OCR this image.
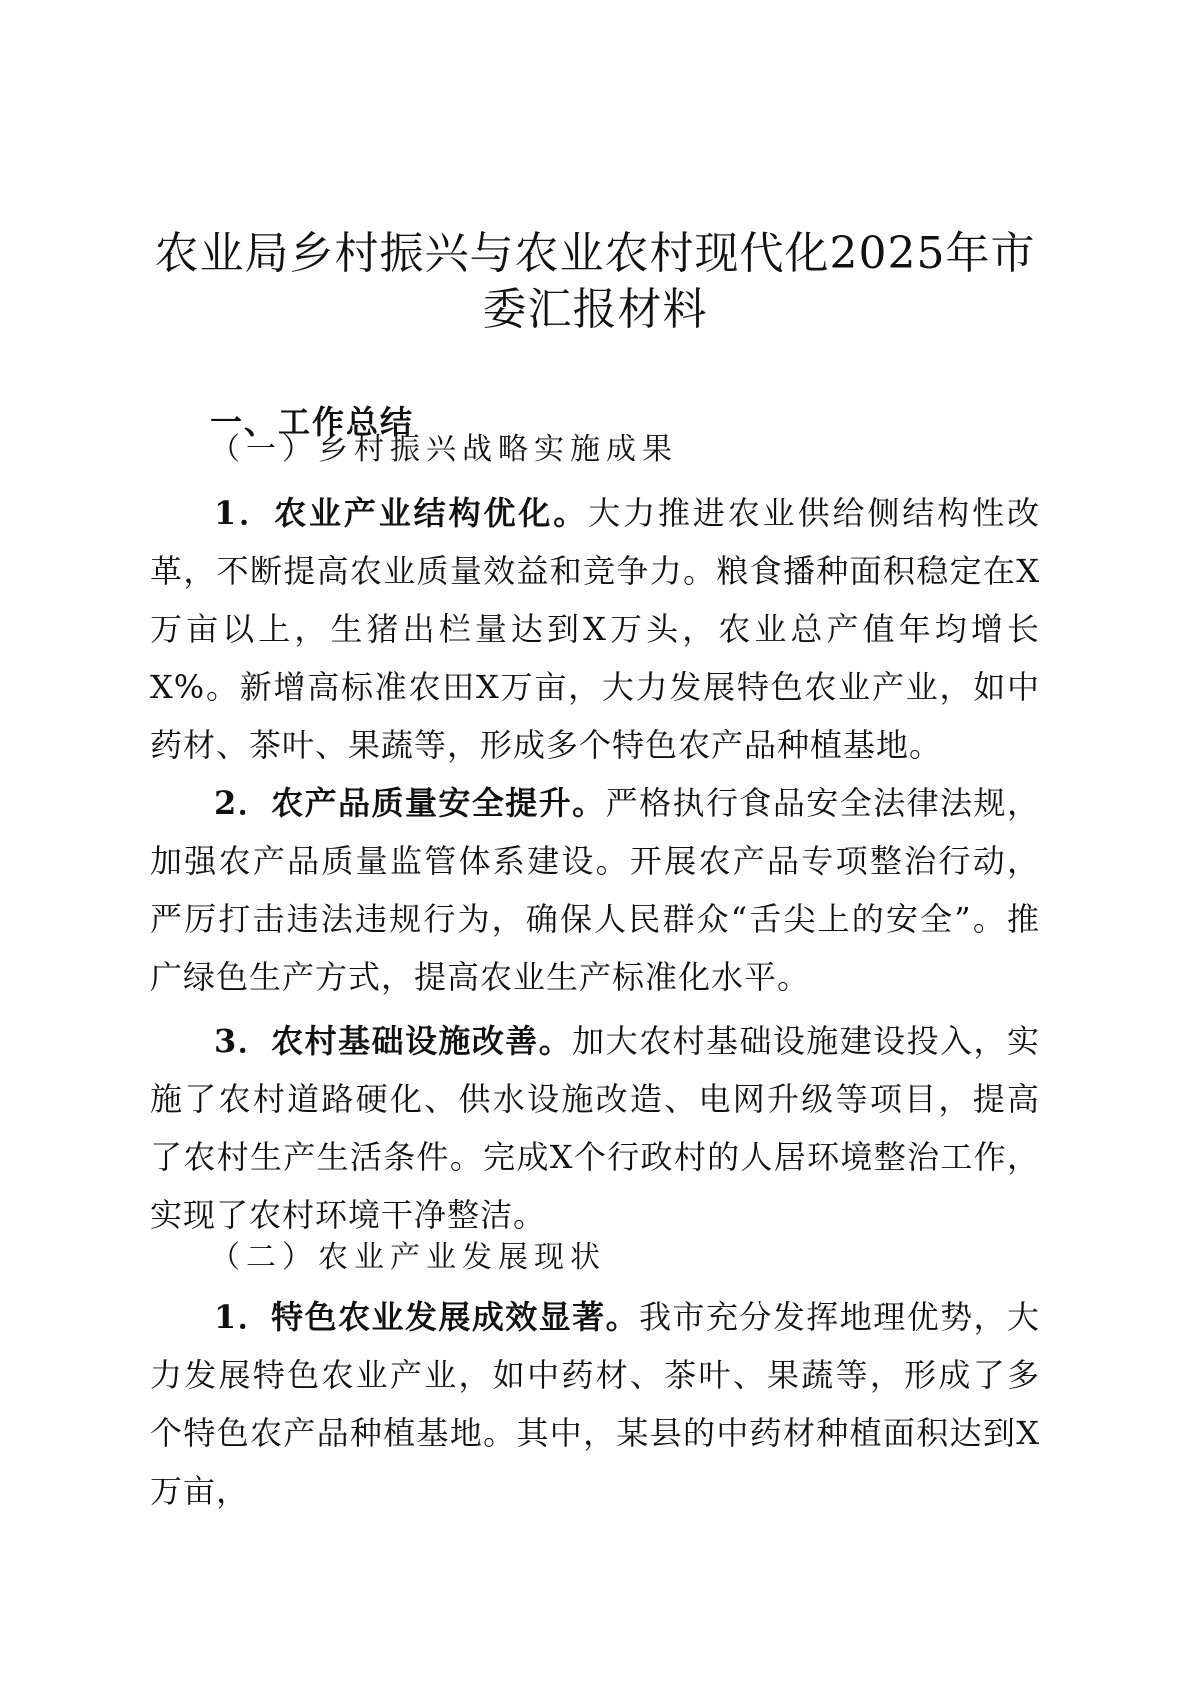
农业局乡村振兴与农业农村现代化2025年市委汇报材料
一、工作总结
（一）乡村振兴战略实施成果
1．农业产业结构优化。大力推进农业供给侧结构性改革，不断提高农业质量效益和竞争力。粮食播种面积稳定在X万亩以上，生猪出栏量达到X万头，农业总产值年均增长X%。新增高标准农田X万亩，大力发展特色农业产业，如中药材、茶叶、果蔬等，形成多个特色农产品种植基地。
2．农产品质量安全提升。严格执行食品安全法律法规，加强农产品质量监管体系建设。开展农产品专项整治行动，严厉打击违法违规行为，确保人民群众“舌尖上的安全”。推广绿色生产方式，提高农业生产标准化水平。
3．农村基础设施改善。加大农村基础设施建设投入，实施了农村道路硬化、供水设施改造、电网升级等项目，提高了农村生产生活条件。完成X个行政村的人居环境整治工作，实现了农村环境干净整洁。
（二）农业产业发展现状
1．特色农业发展成效显著。我市充分发挥地理优势，大力发展特色农业产业，如中药材、茶叶、果蔬等，形成了多个特色农产品种植基地。其中，某县的中药材种植面积达到X万亩，
